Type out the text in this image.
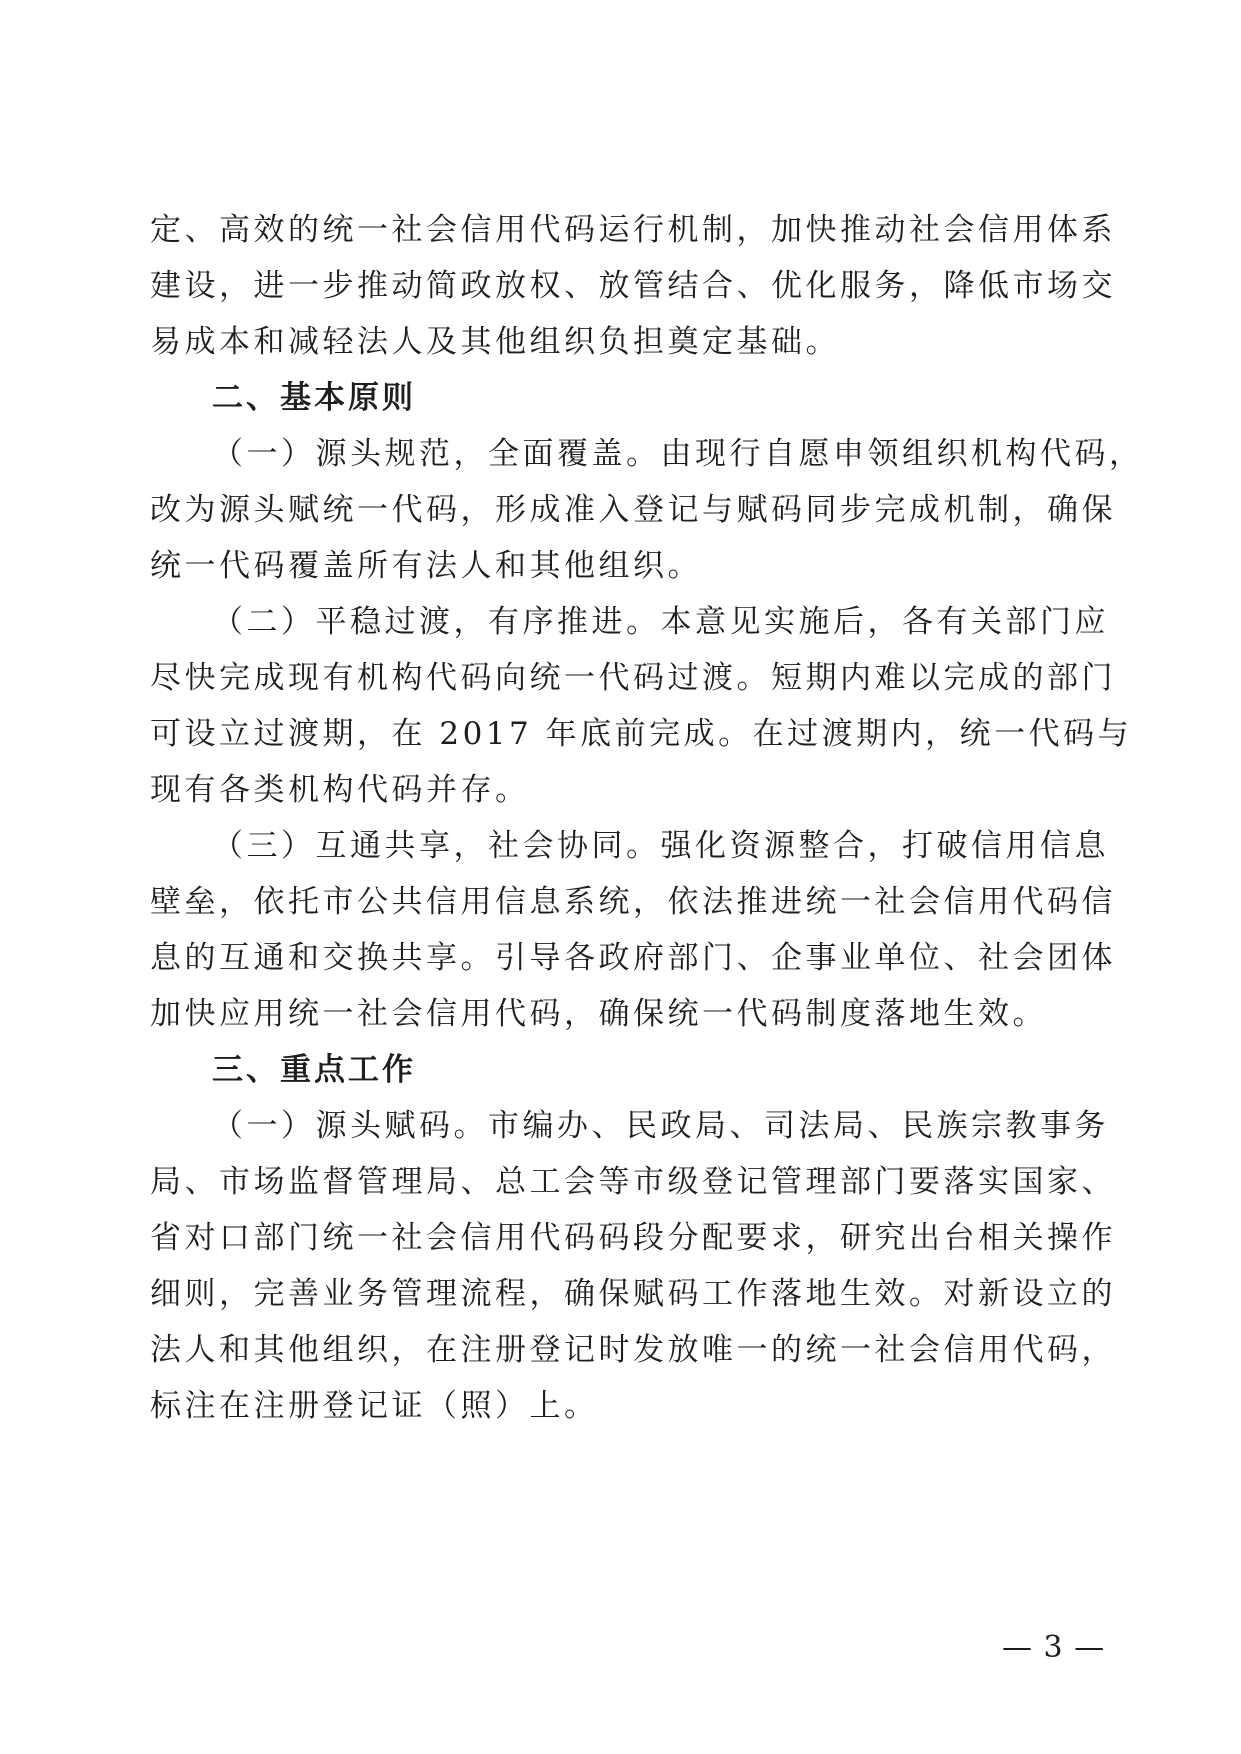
定、高效的统一社会信用代码运行机制，加快推动社会信用体系
建设，进一步推动简政放权、放管结合、优化服务，降低市场交
易成本和减轻法人及其他组织负担奠定基础。
二、基本原则
（一）源头规范，全面覆盖。由现行自愿申领组织机构代码，
改为源头赋统一代码，形成准入登记与赋码同步完成机制，确保
统一代码覆盖所有法人和其他组织。
（二）平稳过渡，有序推进。本意见实施后，各有关部门应
尽快完成现有机构代码向统一代码过渡。短期内难以完成的部门
可设立过渡期，在 2017 年底前完成。在过渡期内，统一代码与
现有各类机构代码并存。
（三）互通共享，社会协同。强化资源整合，打破信用信息
壁垒，依托市公共信用信息系统，依法推进统一社会信用代码信
息的互通和交换共享。引导各政府部门、企事业单位、社会团体
加快应用统一社会信用代码，确保统一代码制度落地生效。
三、重点工作
（一）源头赋码。市编办、民政局、司法局、民族宗教事务
局、市场监督管理局、总工会等市级登记管理部门要落实国家、
省对口部门统一社会信用代码码段分配要求，研究出台相关操作
细则，完善业务管理流程，确保赋码工作落地生效。对新设立的
法人和其他组织，在注册登记时发放唯一的统一社会信用代码，
标注在注册登记证（照）上。
— 3 —
